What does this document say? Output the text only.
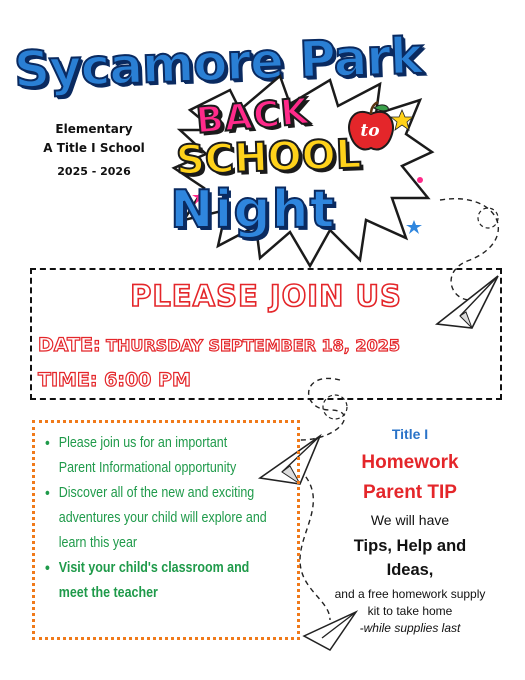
Sycamore Park
Elementary
A Title I School
2025 - 2026
BACK	to
SCHOOL
Night
PLEASE JOIN US
DATE: THURSDAY SEPTEMBER 18, 2025
TIME: 6:00 PM
• Please join us for an important
Parent Informational opportunity
• Discover all of the new and exciting
adventures your child will explore and
learn this year
• Visit your child's classroom and
meet the teacher
Title I
Homework
Parent TIP
We will have
Tips, Help and
Ideas,
and a free homework supply
kit to take home
-while supplies last
